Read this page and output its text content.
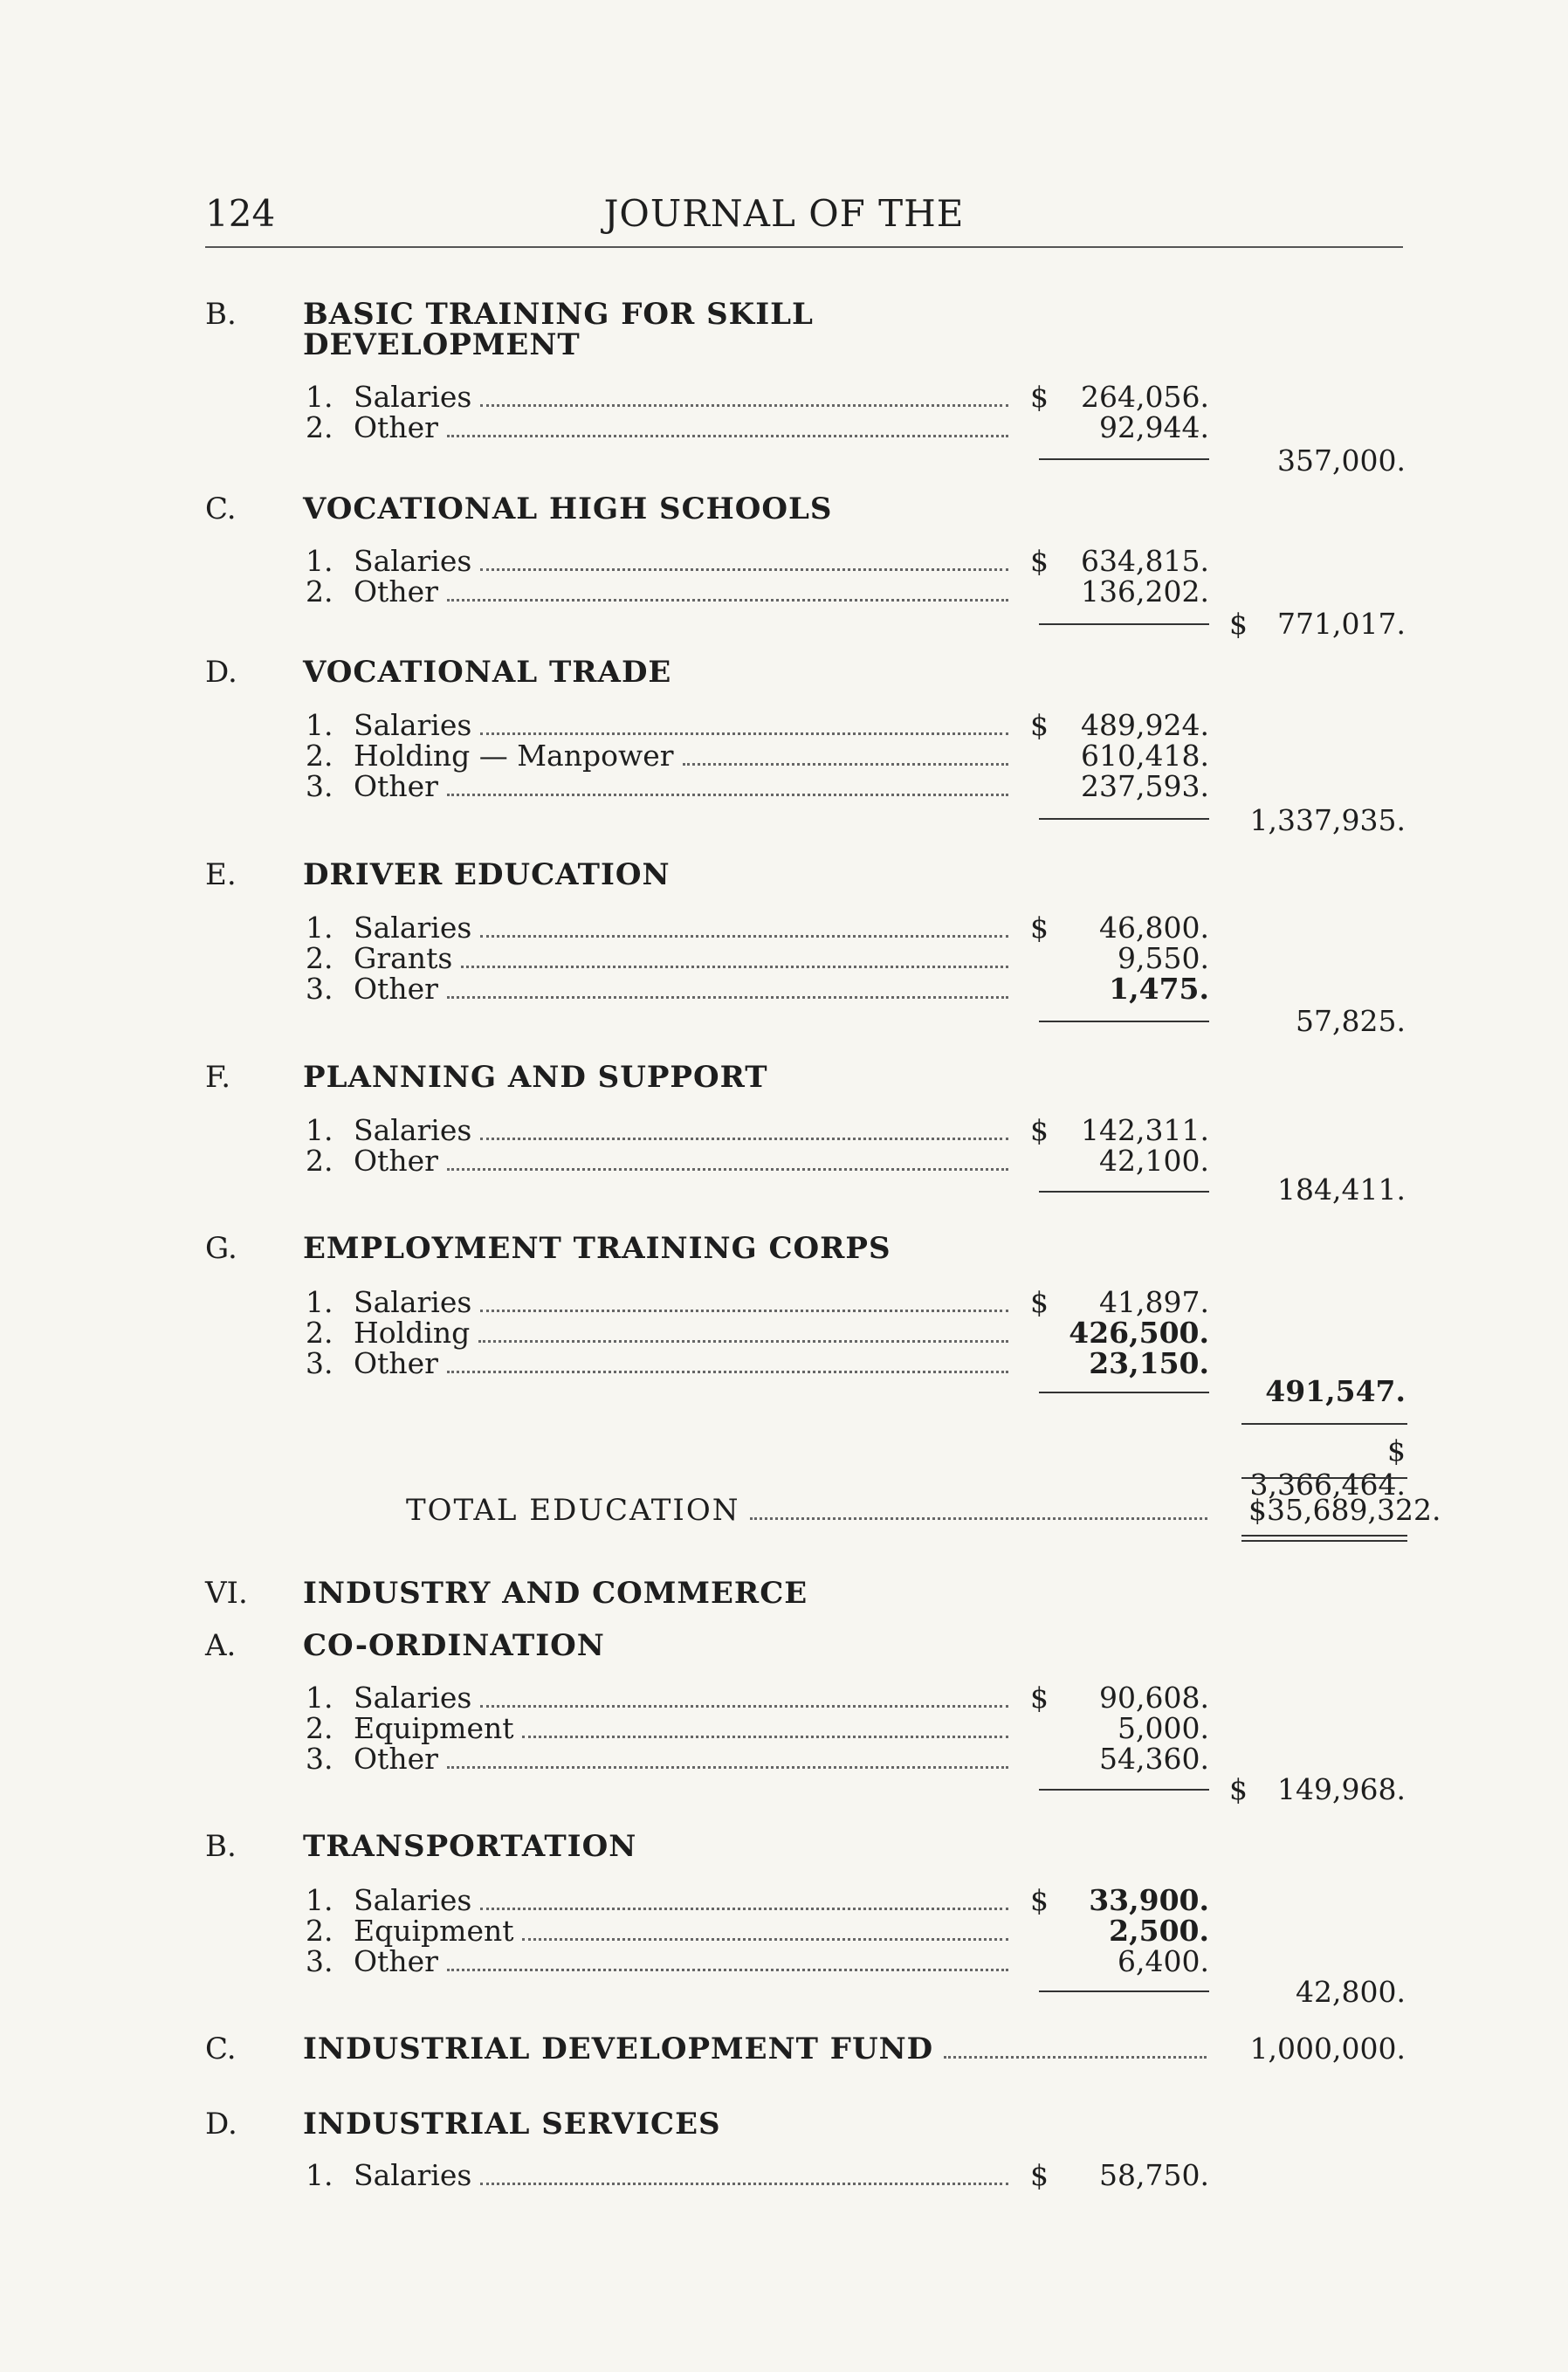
124	JOURNAL OF THE
B. BASIC TRAINING FOR SKILL
DEVELOPMENT
1. Salaries	$	264,056.
2. Other	92,944.
357,000.
C. VOCATIONAL HIGH SCHOOLS
1. Salaries	$	634,815.
2. Other	136,202.
$	771,017.
D. VOCATIONAL TRADE
1. Salaries	$	489,924.
2. Holding — Manpower	610,418.
3. Other	237,593.
1,337,935.
E. DRIVER EDUCATION
1. Salaries	$	46,800.
2. Grants	9,550.
3. Other	1,475.
57,825.
F. PLANNING AND SUPPORT
1. Salaries	$	142,311.
2. Other	42,100.
184,411.
G. EMPLOYMENT TRAINING CORPS
1. Salaries	$	41,897.
2. Holding	426,500.
3. Other	23,150.
491,547.
$ 3,366,464.
TOTAL EDUCATION	$35,689,322.
VI. INDUSTRY AND COMMERCE
A. CO-ORDINATION
1. Salaries	$	90,608.
2. Equipment	5,000.
3. Other	54,360.
$	149,968.
B. TRANSPORTATION
1. Salaries	$	33,900.
2. Equipment	2,500.
3. Other	6,400.
42,800.
C. INDUSTRIAL DEVELOPMENT FUND	1,000,000.
D. INDUSTRIAL SERVICES
1. Salaries	$	58,750.
